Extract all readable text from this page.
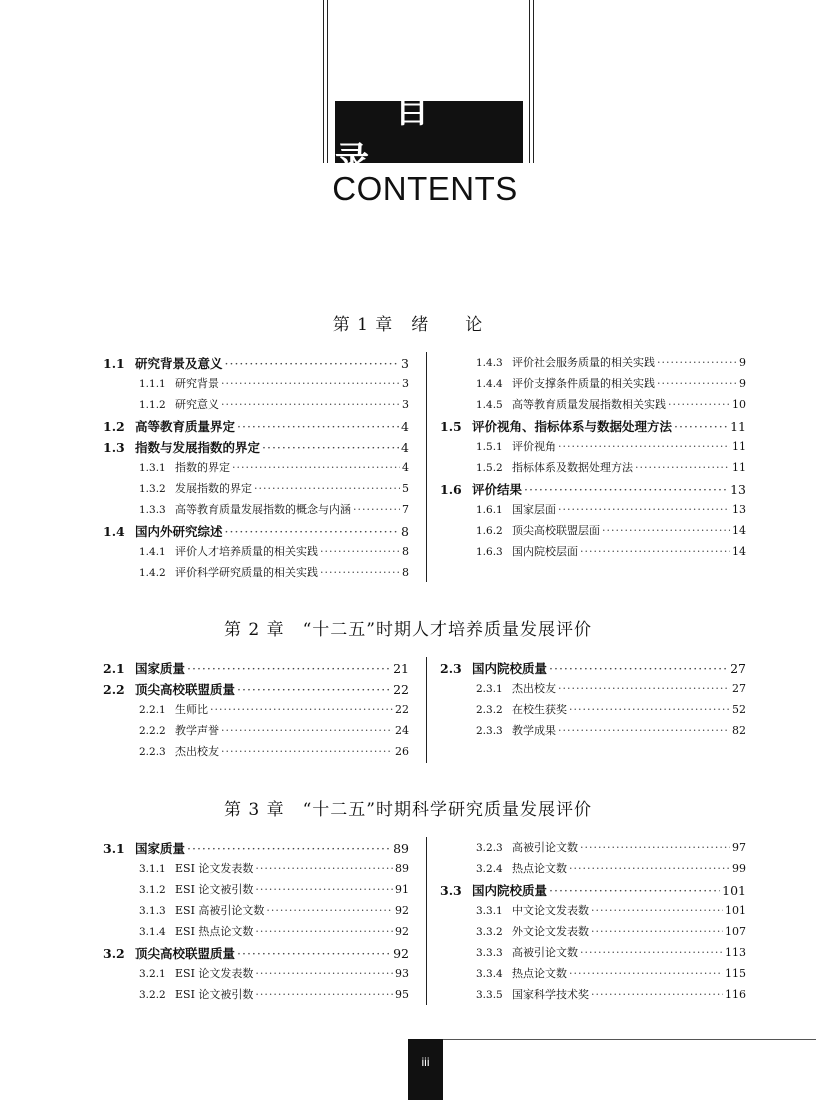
目录
CONTENTS
第 1 章　绪　　论
1.1 研究背景及意义 ·····	3
1.1.1 研究背景 ·····	3
1.1.2 研究意义 ·····	3
1.2 高等教育质量界定 ·····	4
1.3 指数与发展指数的界定 ·····	4
1.3.1 指数的界定 ·····	4
1.3.2 发展指数的界定 ·····	5
1.3.3 高等教育质量发展指数的概念与内涵 ·····	7
1.4 国内外研究综述 ·····	8
1.4.1 评价人才培养质量的相关实践 ·····	8
1.4.2 评价科学研究质量的相关实践 ·····	8
1.4.3 评价社会服务质量的相关实践 ·····	9
1.4.4 评价支撑条件质量的相关实践 ·····	9
1.4.5 高等教育质量发展指数相关实践 ·····	10
1.5 评价视角、指标体系与数据处理方法 ·····	11
1.5.1 评价视角 ·····	11
1.5.2 指标体系及数据处理方法 ·····	11
1.6 评价结果 ·····	13
1.6.1 国家层面 ·····	13
1.6.2 顶尖高校联盟层面 ·····	14
1.6.3 国内院校层面 ·····	14
第 2 章　“十二五”时期人才培养质量发展评价
2.1 国家质量 ·····	21
2.2 顶尖高校联盟质量 ·····	22
2.2.1 生师比 ·····	22
2.2.2 教学声誉 ·····	24
2.2.3 杰出校友 ·····	26
2.3 国内院校质量 ·····	27
2.3.1 杰出校友 ·····	27
2.3.2 在校生获奖 ·····	52
2.3.3 教学成果 ·····	82
第 3 章　“十二五”时期科学研究质量发展评价
3.1 国家质量 ·····	89
3.1.1 ESI 论文发表数 ·····	89
3.1.2 ESI 论文被引数 ·····	91
3.1.3 ESI 高被引论文数 ·····	92
3.1.4 ESI 热点论文数 ·····	92
3.2 顶尖高校联盟质量 ·····	92
3.2.1 ESI 论文发表数 ·····	93
3.2.2 ESI 论文被引数 ·····	95
3.2.3 高被引论文数 ·····	97
3.2.4 热点论文数 ·····	99
3.3 国内院校质量 ·····	101
3.3.1 中文论文发表数 ·····	101
3.3.2 外文论文发表数 ·····	107
3.3.3 高被引论文数 ·····	113
3.3.4 热点论文数 ·····	115
3.3.5 国家科学技术奖 ·····	116
iii
